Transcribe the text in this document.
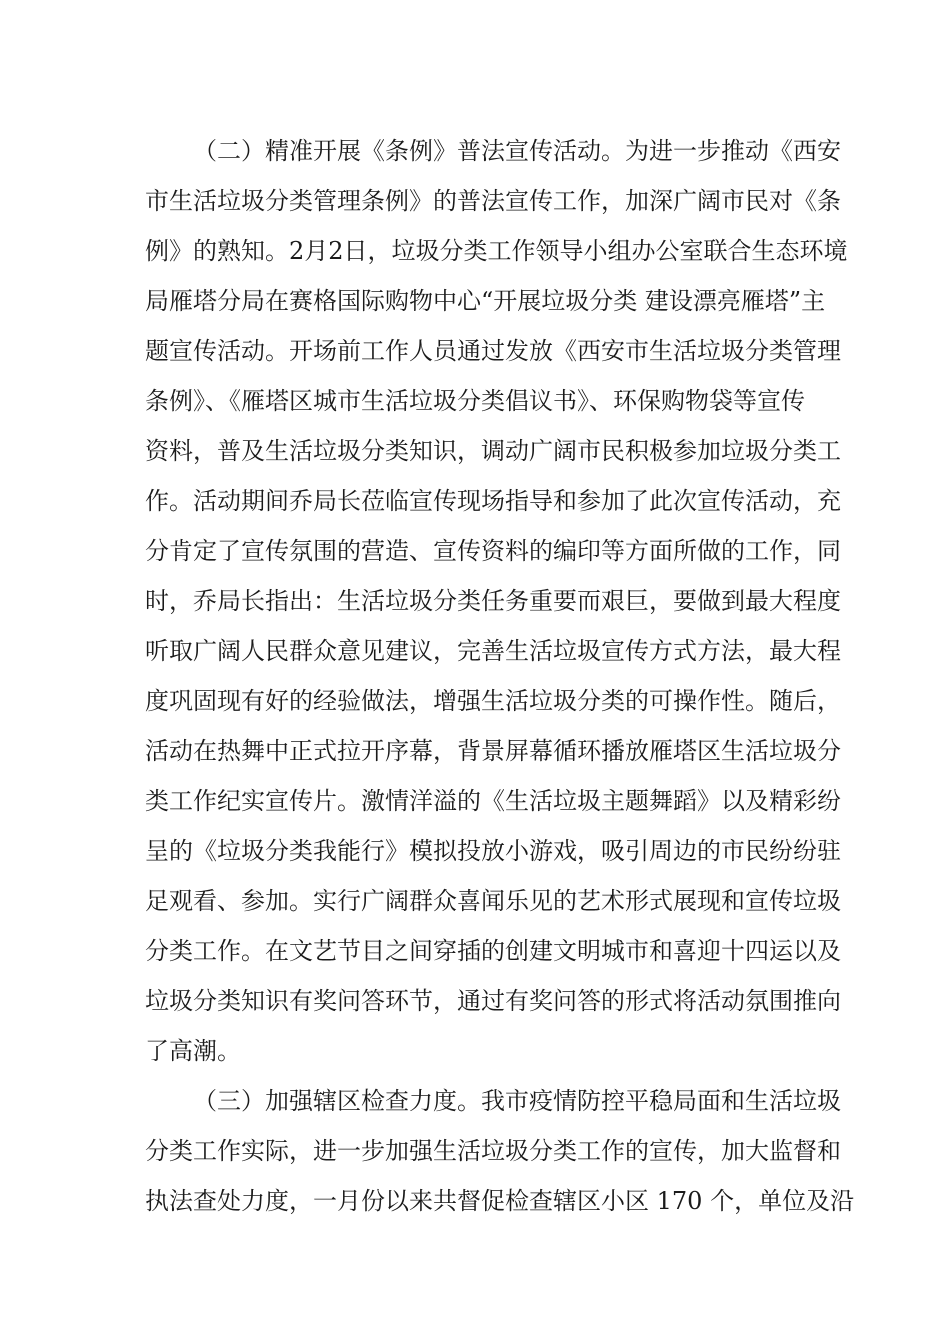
（二）精准开展《条例》普法宣传活动。为进一步推动《西安
市生活垃圾分类管理条例》的普法宣传工作，加深广阔市民对《条
例》的熟知。2月2日，垃圾分类工作领导小组办公室联合生态环境
局雁塔分局在赛格国际购物中心“开展垃圾分类 建设漂亮雁塔”主
题宣传活动。开场前工作人员通过发放《西安市生活垃圾分类管理
条例》、《雁塔区城市生活垃圾分类倡议书》、环保购物袋等宣传
资料，普及生活垃圾分类知识，调动广阔市民积极参加垃圾分类工
作。活动期间乔局长莅临宣传现场指导和参加了此次宣传活动，充
分肯定了宣传氛围的营造、宣传资料的编印等方面所做的工作，同
时，乔局长指出：生活垃圾分类任务重要而艰巨，要做到最大程度
听取广阔人民群众意见建议，完善生活垃圾宣传方式方法，最大程
度巩固现有好的经验做法，增强生活垃圾分类的可操作性。随后，
活动在热舞中正式拉开序幕，背景屏幕循环播放雁塔区生活垃圾分
类工作纪实宣传片。激情洋溢的《生活垃圾主题舞蹈》以及精彩纷
呈的《垃圾分类我能行》模拟投放小游戏，吸引周边的市民纷纷驻
足观看、参加。实行广阔群众喜闻乐见的艺术形式展现和宣传垃圾
分类工作。在文艺节目之间穿插的创建文明城市和喜迎十四运以及
垃圾分类知识有奖问答环节，通过有奖问答的形式将活动氛围推向
了高潮。
（三）加强辖区检查力度。我市疫情防控平稳局面和生活垃圾
分类工作实际，进一步加强生活垃圾分类工作的宣传，加大监督和
执法查处力度，一月份以来共督促检查辖区小区 170 个，单位及沿
